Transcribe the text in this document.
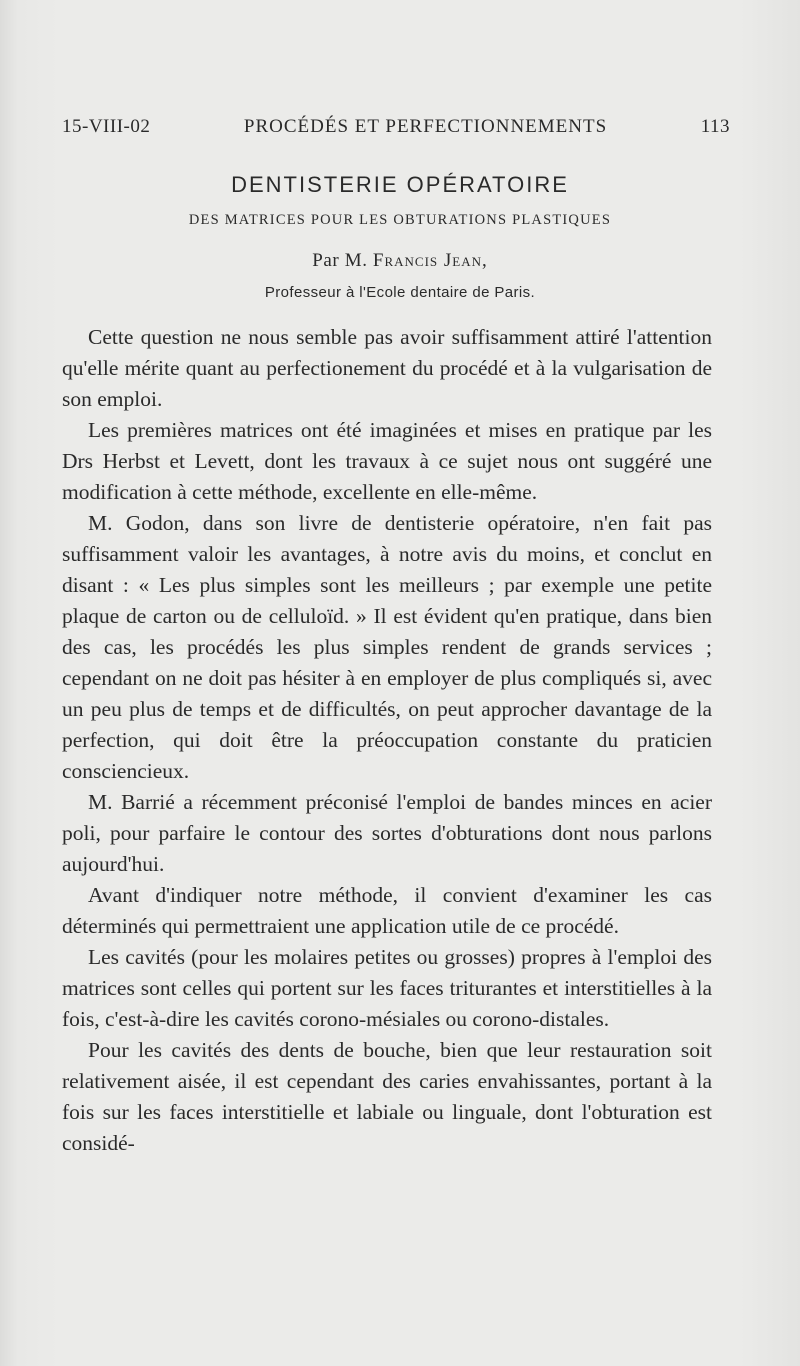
15-VIII-02	PROCÉDÉS ET PERFECTIONNEMENTS	113
DENTISTERIE OPÉRATOIRE
DES MATRICES POUR LES OBTURATIONS PLASTIQUES
Par M. Francis Jean,
Professeur à l'Ecole dentaire de Paris.

Cette question ne nous semble pas avoir suffisamment attiré l'attention qu'elle mérite quant au perfectionement du procédé et à la vulgarisation de son emploi.

Les premières matrices ont été imaginées et mises en pratique par les Drs Herbst et Levett, dont les travaux à ce sujet nous ont suggéré une modification à cette méthode, excellente en elle-même.

M. Godon, dans son livre de dentisterie opératoire, n'en fait pas suffisamment valoir les avantages, à notre avis du moins, et conclut en disant : « Les plus simples sont les meilleurs ; par exemple une petite plaque de carton ou de celluloïd. » Il est évident qu'en pratique, dans bien des cas, les procédés les plus simples rendent de grands services ; cependant on ne doit pas hésiter à en employer de plus compliqués si, avec un peu plus de temps et de difficultés, on peut approcher davantage de la perfection, qui doit être la préoccupation constante du praticien consciencieux.

M. Barrié a récemment préconisé l'emploi de bandes minces en acier poli, pour parfaire le contour des sortes d'obturations dont nous parlons aujourd'hui.

Avant d'indiquer notre méthode, il convient d'examiner les cas déterminés qui permettraient une application utile de ce procédé.

Les cavités (pour les molaires petites ou grosses) propres à l'emploi des matrices sont celles qui portent sur les faces triturantes et interstitielles à la fois, c'est-à-dire les cavités corono-mésiales ou corono-distales.

Pour les cavités des dents de bouche, bien que leur restauration soit relativement aisée, il est cependant des caries envahissantes, portant à la fois sur les faces interstitielle et labiale ou linguale, dont l'obturation est considé-
